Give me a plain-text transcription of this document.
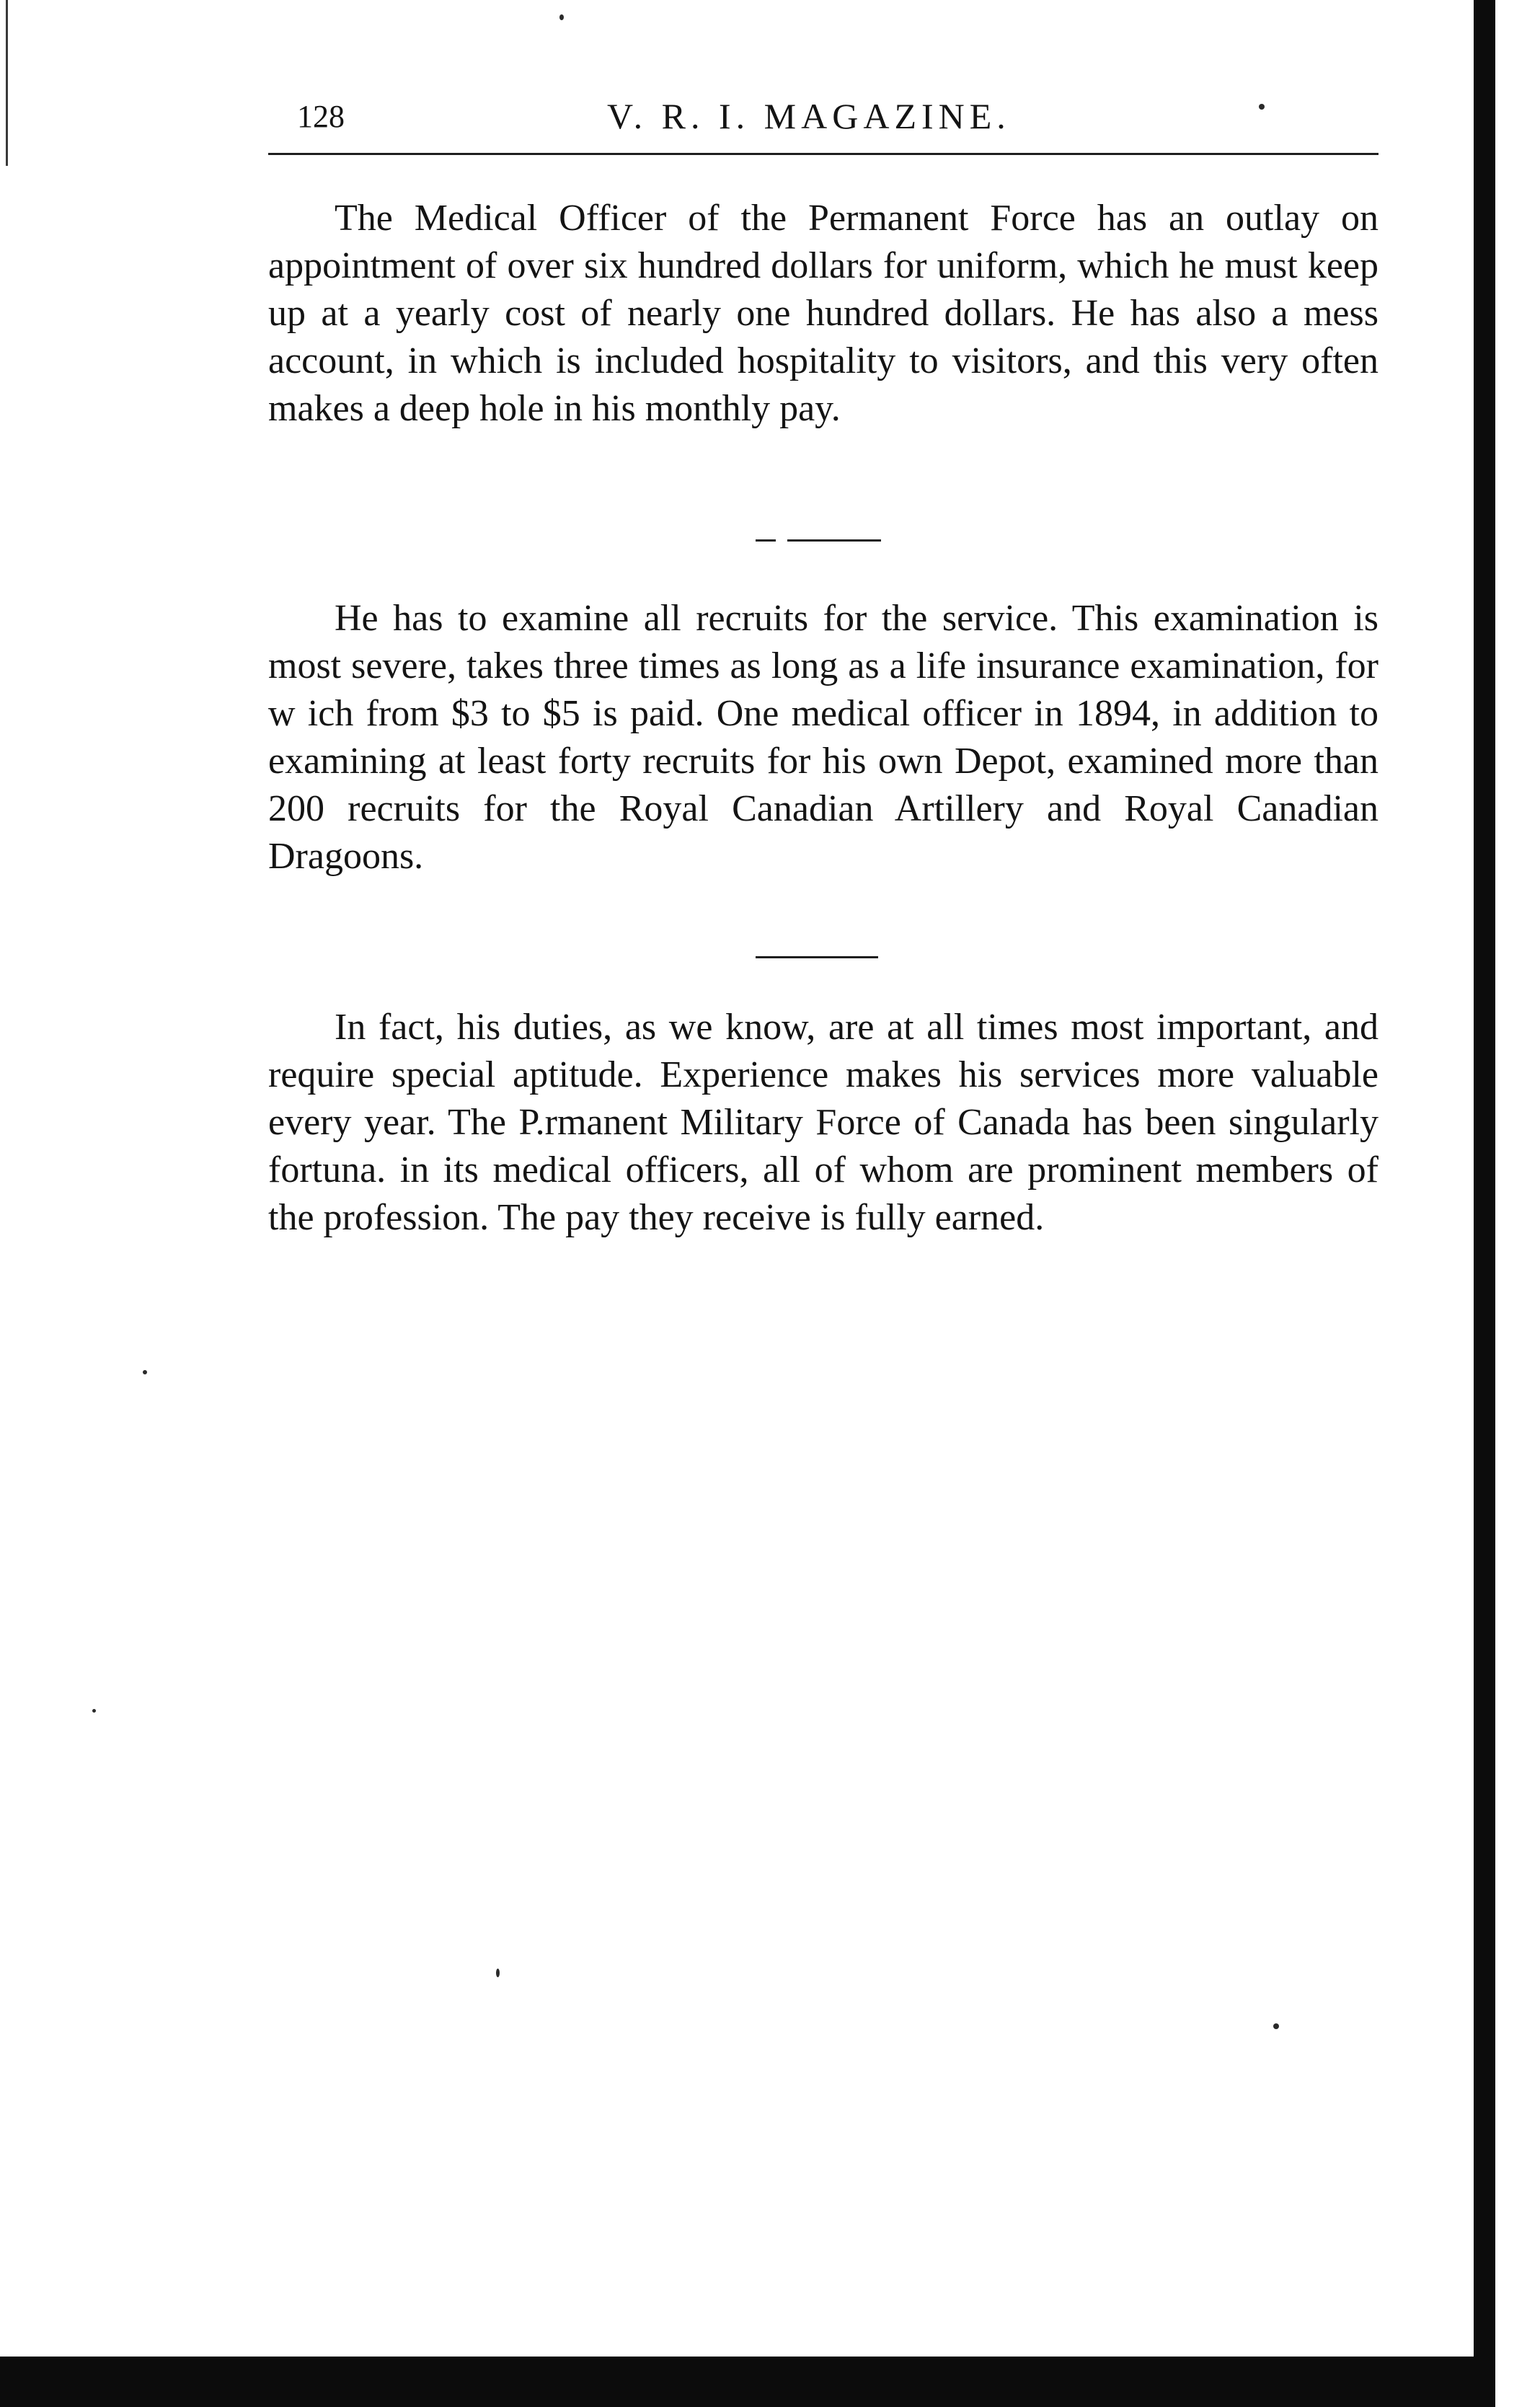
128	V. R. I. MAGAZINE.

The Medical Officer of the Permanent Force has an outlay on appointment of over six hundred dollars for uniform, which he must keep up at a yearly cost of nearly one hundred dollars. He has also a mess account, in which is included hospitality to visitors, and this very often makes a deep hole in his monthly pay.

He has to examine all recruits for the service. This examination is most severe, takes three times as long as a life insurance examination, for w ich from $3 to $5 is paid. One medical officer in 1894, in addition to examining at least forty recruits for his own Depot, examined more than 200 recruits for the Royal Canadian Artillery and Royal Canadian Dragoons.

In fact, his duties, as we know, are at all times most important, and require special aptitude. Experience makes his services more valuable every year. The P.rmanent Military Force of Canada has been singularly fortuna. in its medical officers, all of whom are prominent members of the profession. The pay they receive is fully earned.
